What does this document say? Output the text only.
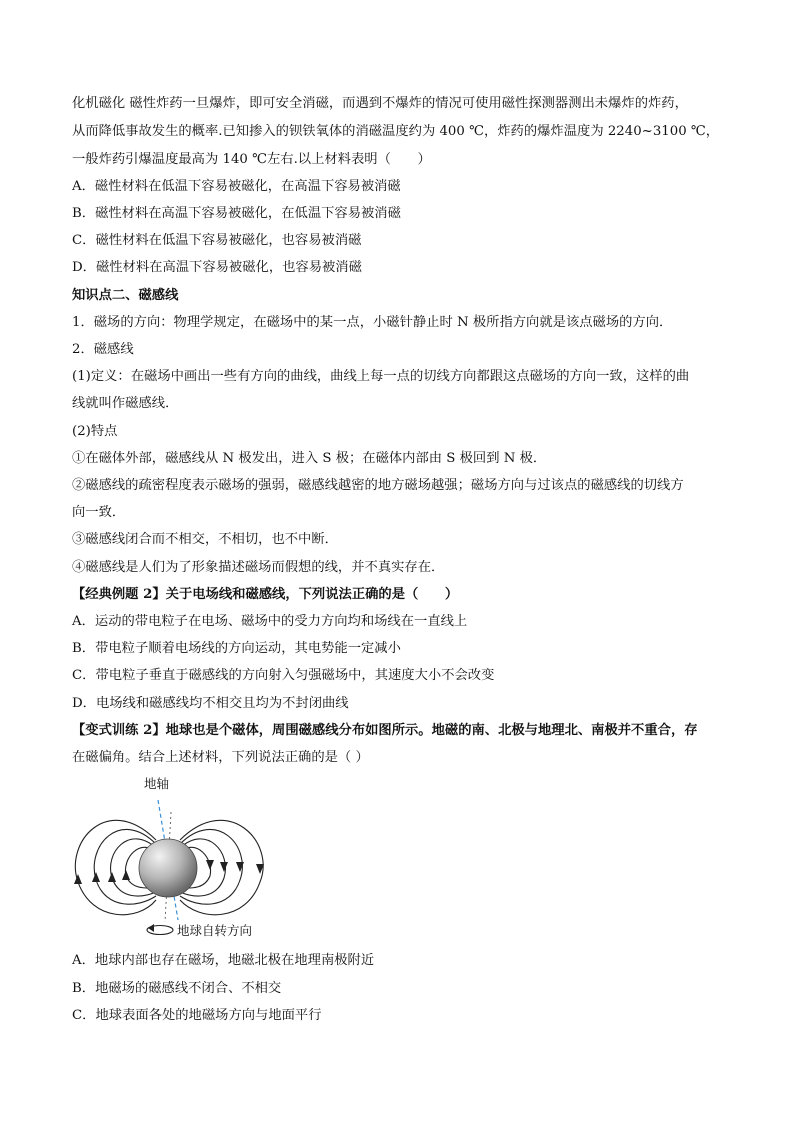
化机磁化 磁性炸药一旦爆炸，即可安全消磁，而遇到不爆炸的情况可使用磁性探测器测出未爆炸的炸药，
从而降低事故发生的概率.已知掺入的钡铁氧体的消磁温度约为 400 ℃，炸药的爆炸温度为 2240~3100 ℃，
一般炸药引爆温度最高为 140 ℃左右.以上材料表明（　　）
A．磁性材料在低温下容易被磁化，在高温下容易被消磁
B．磁性材料在高温下容易被磁化，在低温下容易被消磁
C．磁性材料在低温下容易被磁化，也容易被消磁
D．磁性材料在高温下容易被磁化，也容易被消磁
知识点二、磁感线
1．磁场的方向：物理学规定，在磁场中的某一点，小磁针静止时 N 极所指方向就是该点磁场的方向．
2．磁感线
(1)定义：在磁场中画出一些有方向的曲线，曲线上每一点的切线方向都跟这点磁场的方向一致，这样的曲
线就叫作磁感线．
(2)特点
①在磁体外部，磁感线从 N 极发出，进入 S 极；在磁体内部由 S 极回到 N 极．
②磁感线的疏密程度表示磁场的强弱，磁感线越密的地方磁场越强；磁场方向与过该点的磁感线的切线方
向一致．
③磁感线闭合而不相交，不相切，也不中断．
④磁感线是人们为了形象描述磁场而假想的线，并不真实存在．
【经典例题 2】关于电场线和磁感线，下列说法正确的是（　　）
A．运动的带电粒子在电场、磁场中的受力方向均和场线在一直线上
B．带电粒子顺着电场线的方向运动，其电势能一定减小
C．带电粒子垂直于磁感线的方向射入匀强磁场中，其速度大小不会改变
D．电场线和磁感线均不相交且均为不封闭曲线
【变式训练 2】地球也是个磁体，周围磁感线分布如图所示。地磁的南、北极与地理北、南极并不重合，存
在磁偏角。结合上述材料，下列说法正确的是（ ）
地轴
地球自转方向
A．地球内部也存在磁场，地磁北极在地理南极附近
B．地磁场的磁感线不闭合、不相交
C．地球表面各处的地磁场方向与地面平行
